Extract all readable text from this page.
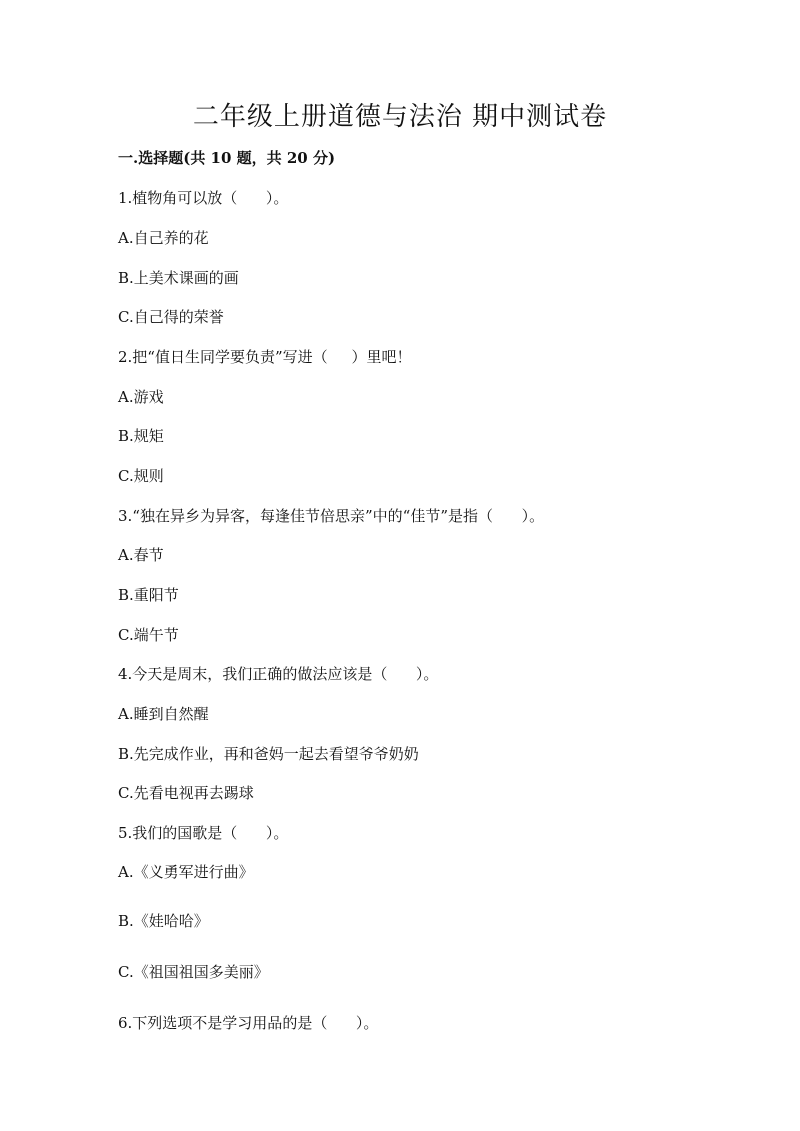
二年级上册道德与法治 期中测试卷
一.选择题(共 10 题，共 20 分)
1.植物角可以放（      ）。
A.自己养的花
B.上美术课画的画
C.自己得的荣誉
2.把“值日生同学要负责”写进（     ）里吧！
A.游戏
B.规矩
C.规则
3.“独在异乡为异客，每逢佳节倍思亲”中的“佳节”是指（      ）。
A.春节
B.重阳节
C.端午节
4.今天是周末，我们正确的做法应该是（      ）。
A.睡到自然醒
B.先完成作业，再和爸妈一起去看望爷爷奶奶
C.先看电视再去踢球
5.我们的国歌是（      ）。
A.《义勇军进行曲》
B.《娃哈哈》
C.《祖国祖国多美丽》
6.下列选项不是学习用品的是（      ）。
